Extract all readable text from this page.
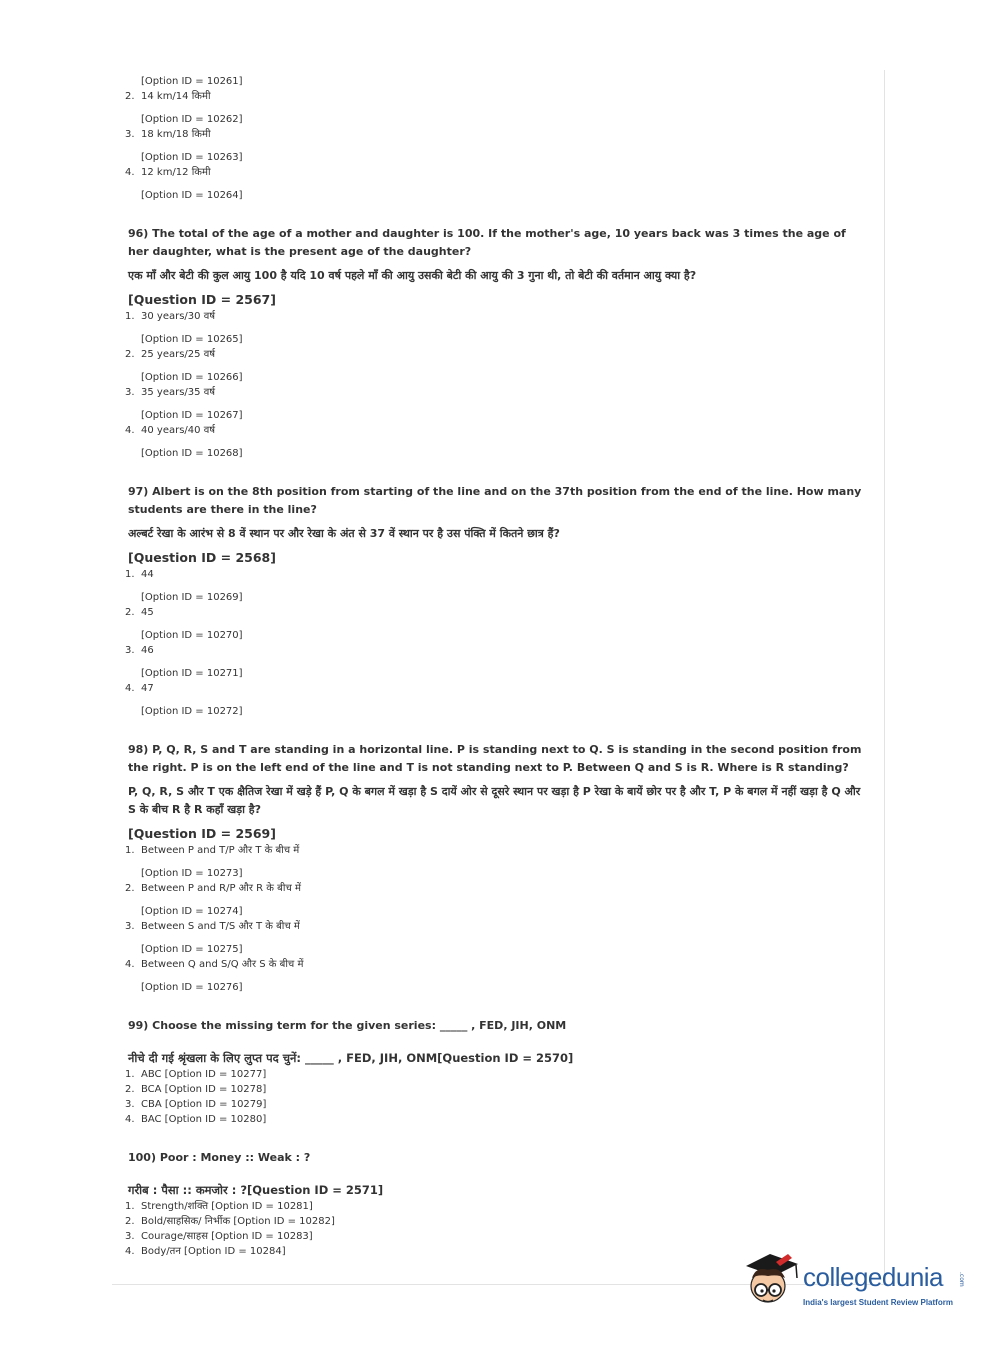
[Option ID = 10261]
2. 14 km/14 किमी
[Option ID = 10262]
3. 18 km/18 किमी
[Option ID = 10263]
4. 12 km/12 किमी
[Option ID = 10264]
96) The total of the age of a mother and daughter is 100. If the mother's age, 10 years back was 3 times the age of her daughter, what is the present age of the daughter?
एक माँ और बेटी की कुल आयु 100 है यदि 10 वर्ष पहले माँ की आयु उसकी बेटी की आयु की 3 गुना थी, तो बेटी की वर्तमान आयु क्या है?
[Question ID = 2567]
1. 30 years/30 वर्ष
[Option ID = 10265]
2. 25 years/25 वर्ष
[Option ID = 10266]
3. 35 years/35 वर्ष
[Option ID = 10267]
4. 40 years/40 वर्ष
[Option ID = 10268]
97) Albert is on the 8th position from starting of the line and on the 37th position from the end of the line. How many students are there in the line?
अल्बर्ट रेखा के आरंभ से 8 वें स्थान पर और रेखा के अंत से 37 वें स्थान पर है उस पंक्ति में कितने छात्र हैं?
[Question ID = 2568]
1. 44
[Option ID = 10269]
2. 45
[Option ID = 10270]
3. 46
[Option ID = 10271]
4. 47
[Option ID = 10272]
98) P, Q, R, S and T are standing in a horizontal line. P is standing next to Q. S is standing in the second position from the right. P is on the left end of the line and T is not standing next to P. Between Q and S is R. Where is R standing?
P, Q, R, S और T एक क्षैतिज रेखा में खड़े हैं P, Q के बगल में खड़ा है S दायें ओर से दूसरे स्थान पर खड़ा है P रेखा के बायें छोर पर है और T, P के बगल में नहीं खड़ा है Q और S के बीच R है R कहाँ खड़ा है?
[Question ID = 2569]
1. Between P and T/P और T के बीच में
[Option ID = 10273]
2. Between P and R/P और R के बीच में
[Option ID = 10274]
3. Between S and T/S और T के बीच में
[Option ID = 10275]
4. Between Q and S/Q और S के बीच में
[Option ID = 10276]
99) Choose the missing term for the given series: _____ , FED, JIH, ONM
नीचे दी गई श्रृंखला के लिए लुप्त पद चुनें: _____ , FED, JIH, ONM[Question ID = 2570]
1. ABC [Option ID = 10277]
2. BCA [Option ID = 10278]
3. CBA [Option ID = 10279]
4. BAC [Option ID = 10280]
100) Poor : Money :: Weak : ?
गरीब : पैसा :: कमजोर : ?[Question ID = 2571]
1. Strength/शक्ति [Option ID = 10281]
2. Bold/साहसिक/ निर्भीक [Option ID = 10282]
3. Courage/साहस [Option ID = 10283]
4. Body/तन [Option ID = 10284]
collegedunia .com
India's largest Student Review Platform
